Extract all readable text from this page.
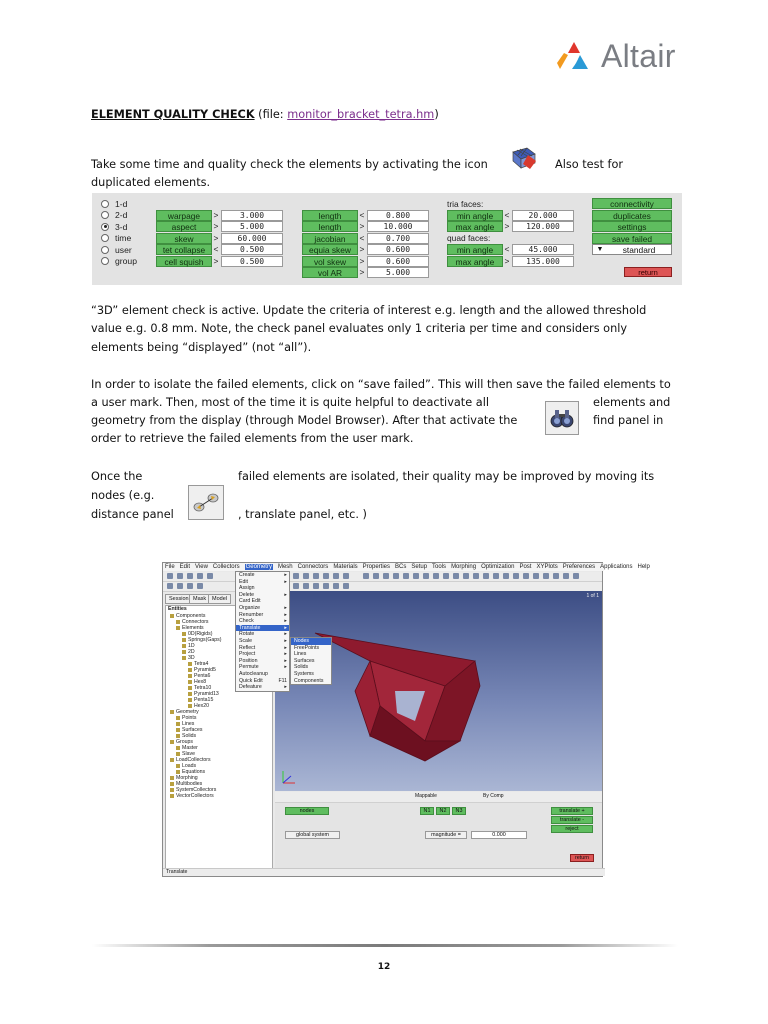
Altair
ELEMENT QUALITY CHECK (file: monitor_bracket_tetra.hm)
Take some time and quality check the elements by activating the icon	Also test for
duplicated elements.
1-d
2-d
3-d
time
user
group
warpage	>	3.000
aspect	>	5.000
skew	>	60.000
tet collapse <	0.500
cell squish	>	0.500
length	<	0.800
length	>	10.000
jacobian	<	0.700
equia skew	>	0.600
vol skew	>	0.600
vol AR	>	5.000
tria faces:
min angle	<	20.000
max angle	>	120.000
quad faces:
min angle	<	45.000
max angle	>	135.000
connectivity
duplicates
settings
save failed
▼	standard
return
“3D” element check is active. Update the criteria of interest e.g. length and the allowed threshold
value e.g. 0.8 mm. Note, the check panel evaluates only 1 criteria per time and considers only
elements being “displayed” (not “all”).
In order to isolate the failed elements, click on “save failed”. This will then save the failed elements to
a user mark. Then, most of the time it is quite helpful to deactivate all	elements and
geometry from the display (through Model Browser). After that activate the	find panel in
order to retrieve the failed elements from the user mark.
Once the	failed elements are isolated, their quality may be improved by moving its
nodes (e.g.
distance panel	, translate panel, etc. )
File Edit View Collectors Geometry Mesh Connectors Materials Properties BCs Setup Tools Morphing Optimization Post XYPlots Preferences Applications Help
Session Mask	Model
Entities
Components
Connectors
Elements
0D(Rigids)
Springs(Gaps)
1D
2D
3D
Tetra4
Pyramid5
Penta6
Hex8
Tetra10
Pyramid13
Penta15
Hex20
Geometry
Points
Lines
Surfaces
Solids
Groups
Master
Slave
LoadCollectors
Loads
Equations
Morphing
Multibodies
SystemCollectors
VectorCollectors
1 of 1
Mappable	By Comp
nodes	N1	N2	N3
global system	magnitude =	0.000
translate +
translate -
reject
return
Create	▸
Edit	▸
Assign
Delete	▸
Card Edit
Organize	▸
Renumber	▸
Check	▸
Translate	▸
Rotate	▸
Scale	▸
Reflect	▸
Project	▸
Position	▸
Permute	▸
Autocleanup
Quick Edit	F11
Defeature	▸
Nodes
FreePoints
Lines
Surfaces
Solids
Systems
Components
Translate
12
